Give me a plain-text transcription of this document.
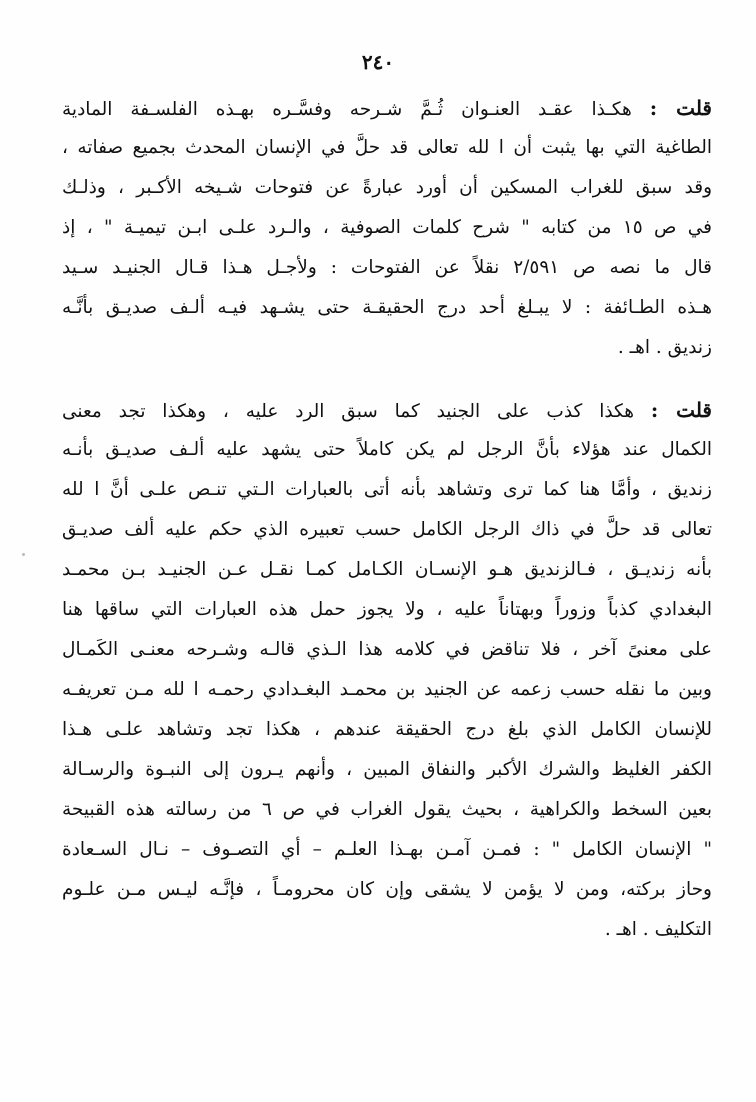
٢٤٠
قلت : هكـذا عقـد العنـوان ثُـمَّ شـرحه وفسَّـره بهـذه الفلسـفة المادية
الطاغية التي بها يثبت أن ا لله تعالى قد حلَّ في الإنسان المحدث بجميع صفاته ،
وقد سبق للغراب المسكين أن أورد عبارةً عن فتوحات شـيخه الأكـبر ، وذلـك
في ص ١٥ من كتابه " شرح كلمات الصوفية ، والـرد علـى ابـن تيميـة " ، إذ
قال ما نصه ص ٢/٥٩١ نقلاً عن الفتوحات : ولأجـل هـذا قـال الجنيـد سـيد
هـذه الطـائفة : لا يبـلغ أحد درج الحقيقـة حتى يشـهد فيـه ألـف صديـق بأنَّـه
زنديق . اهـ .
قلت : هكذا كذب على الجنيد كما سبق الرد عليه ، وهكذا تجد معنى
الكمال عند هؤلاء بأنَّ الرجل لم يكن كاملاً حتى يشهد عليه ألـف صديـق بأنـه
زنديق ، وأمَّا هنا كما ترى وتشاهد بأنه أتى بالعبارات الـتي تنـص علـى أنَّ ا لله
تعالى قد حلَّ في ذاك الرجل الكامل حسب تعبيره الذي حكم عليه ألف صديـق
بأنه زنديـق ، فـالزنديق هـو الإنسـان الكـامل كمـا نقـل عـن الجنيـد بـن محمـد
البغدادي كذباً وزوراً وبهتاناً عليه ، ولا يجوز حمل هذه العبارات التي ساقها هنا
على معنىً آخر ، فلا تناقض في كلامه هذا الـذي قالـه وشـرحه معنـى الكَمـال
وبين ما نقله حسب زعمه عن الجنيد بن محمـد البغـدادي رحمـه ا لله مـن تعريفـه
للإنسان الكامل الذي بلغ درج الحقيقة عندهم ، هكذا تجد وتشاهد علـى هـذا
الكفر الغليظ والشرك الأكبر والنفاق المبين ، وأنهم يـرون إلى النبـوة والرسـالة
بعين السخط والكراهية ، بحيث يقول الغراب في ص ٦ من رسالته هذه القبيحة
" الإنسان الكامل " : فمـن آمـن بهـذا العلـم – أي التصـوف – نـال السـعادة
وحاز بركته، ومن لا يؤمن لا يشقى وإن كان محرومـاً ، فإنَّـه ليـس مـن علـوم
التكليف . اهـ .
